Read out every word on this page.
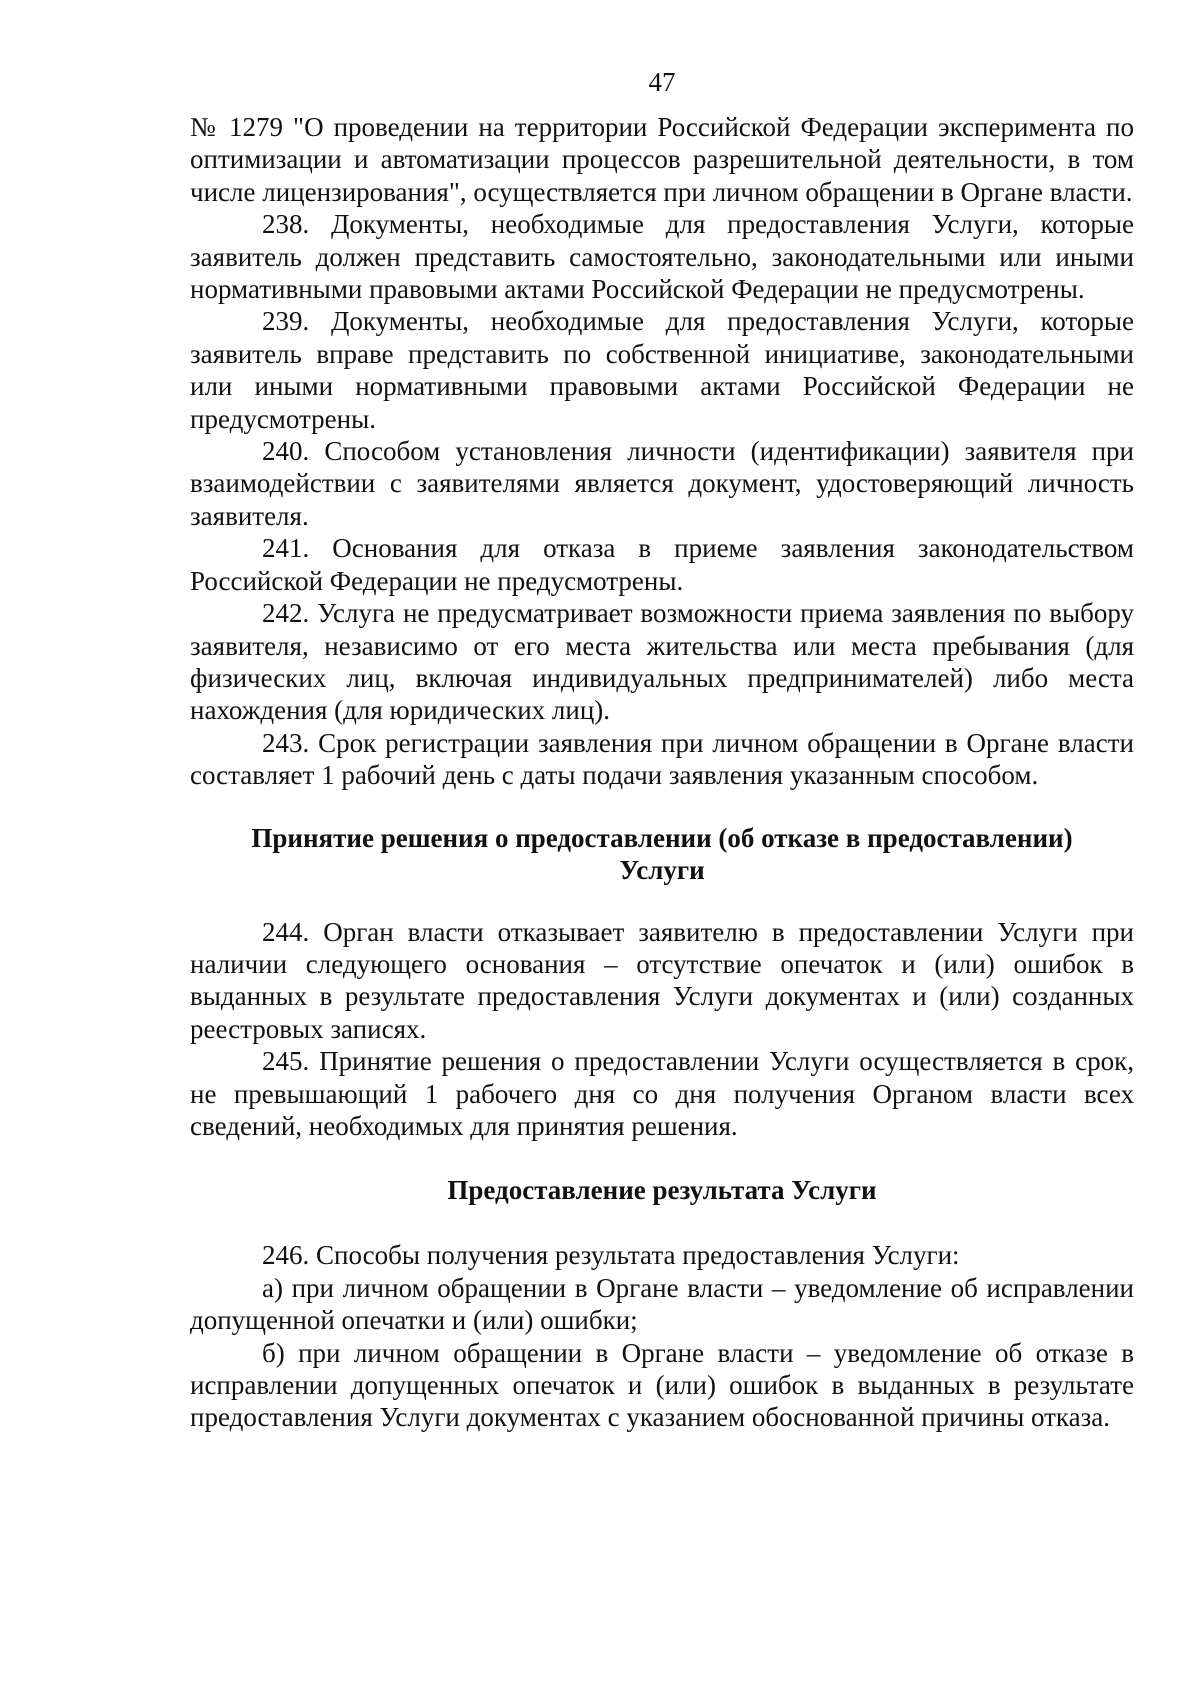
47

№ 1279 "О проведении на территории Российской Федерации эксперимента по оптимизации и автоматизации процессов разрешительной деятельности, в том числе лицензирования", осуществляется при личном обращении в Органе власти.

238. Документы, необходимые для предоставления Услуги, которые заявитель должен представить самостоятельно, законодательными или иными нормативными правовыми актами Российской Федерации не предусмотрены.

239. Документы, необходимые для предоставления Услуги, которые заявитель вправе представить по собственной инициативе, законодательными или иными нормативными правовыми актами Российской Федерации не предусмотрены.

240. Способом установления личности (идентификации) заявителя при взаимодействии с заявителями является документ, удостоверяющий личность заявителя.

241. Основания для отказа в приеме заявления законодательством Российской Федерации не предусмотрены.

242. Услуга не предусматривает возможности приема заявления по выбору заявителя, независимо от его места жительства или места пребывания (для физических лиц, включая индивидуальных предпринимателей) либо места нахождения (для юридических лиц).

243. Срок регистрации заявления при личном обращении в Органе власти составляет 1 рабочий день с даты подачи заявления указанным способом.

Принятие решения о предоставлении (об отказе в предоставлении)
Услуги

244. Орган власти отказывает заявителю в предоставлении Услуги при наличии следующего основания – отсутствие опечаток и (или) ошибок в выданных в результате предоставления Услуги документах и (или) созданных реестровых записях.

245. Принятие решения о предоставлении Услуги осуществляется в срок, не превышающий 1 рабочего дня со дня получения Органом власти всех сведений, необходимых для принятия решения.

Предоставление результата Услуги

246. Способы получения результата предоставления Услуги:

а) при личном обращении в Органе власти – уведомление об исправлении допущенной опечатки и (или) ошибки;

б) при личном обращении в Органе власти – уведомление об отказе в исправлении допущенных опечаток и (или) ошибок в выданных в результате предоставления Услуги документах с указанием обоснованной причины отказа.
